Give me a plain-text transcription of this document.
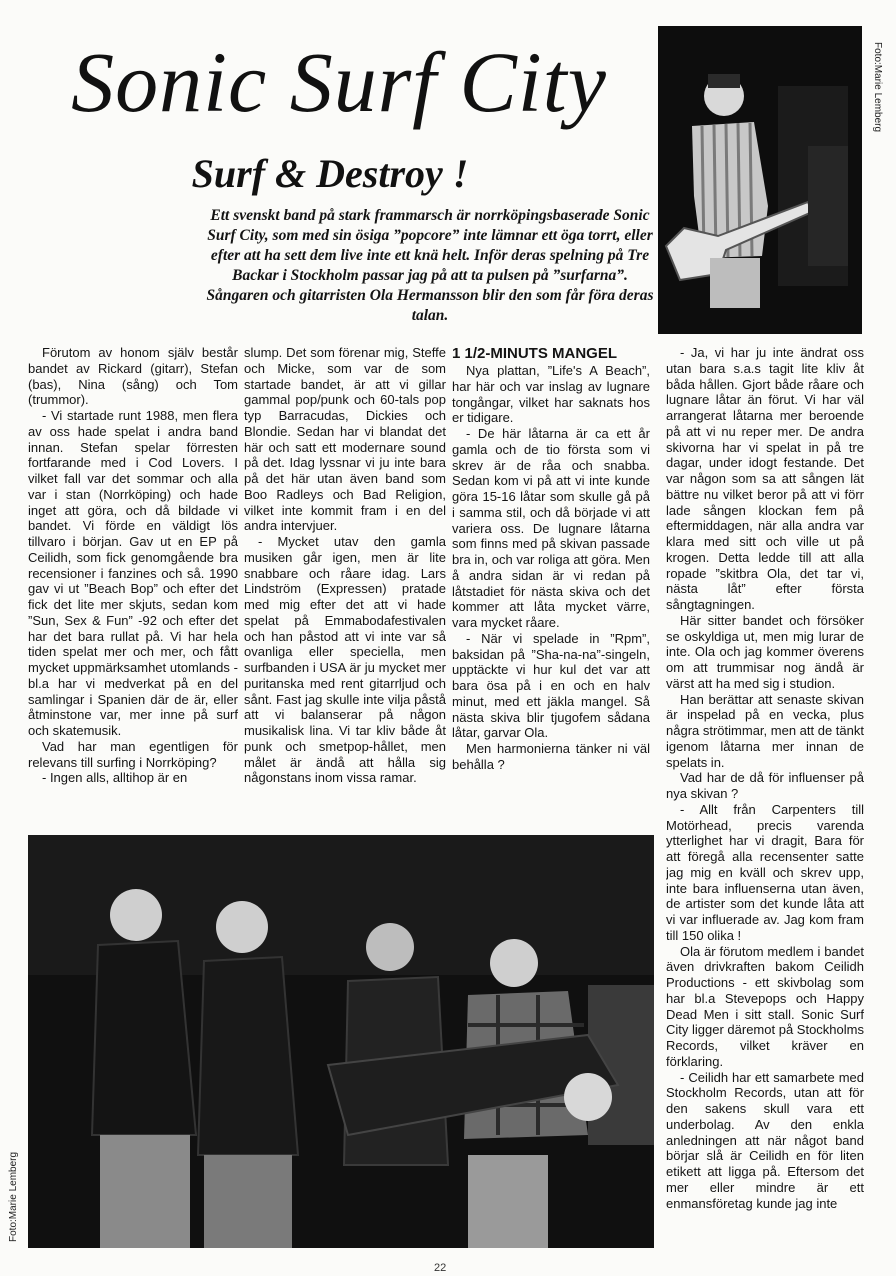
Sonic Surf City
Surf & Destroy !
Ett svenskt band på stark frammarsch är norrköpingsbaserade Sonic Surf City, som med sin ösiga ”popcore” inte lämnar ett öga torrt, eller efter att ha sett dem live inte ett knä helt. Inför deras spelning på Tre Backar i Stockholm passar jag på att ta pulsen på ”surfarna”. Sångaren och gitarristen Ola Hermansson blir den som får föra deras talan.
Foto:Marie Lemberg

Förutom av honom själv består bandet av Rickard (gitarr), Stefan (bas), Nina (sång) och Tom (trummor).

- Vi startade runt 1988, men flera av oss hade spelat i andra band innan. Stefan spelar förresten fortfarande med i Cod Lovers. I vilket fall var det sommar och alla var i stan (Norrköping) och hade inget att göra, och då bildade vi bandet. Vi förde en väldigt lös tillvaro i början. Gav ut en EP på Ceilidh, som fick genomgående bra recensioner i fanzines och så. 1990 gav vi ut ”Beach Bop” och efter det fick det lite mer skjuts, sedan kom ”Sun, Sex & Fun” -92 och efter det har det bara rullat på. Vi har hela tiden spelat mer och mer, och fått mycket uppmärksamhet utomlands - bl.a har vi medverkat på en del samlingar i Spanien där de är, eller åtminstone var, mer inne på surf och skatemusik.

Vad har man egentligen för relevans till surfing i Norrköping?

- Ingen alls, alltihop är en

slump. Det som förenar mig, Steffe och Micke, som var de som startade bandet, är att vi gillar gammal pop/punk och 60-tals pop typ Barracudas, Dickies och Blondie. Sedan har vi blandat det här och satt ett modernare sound på det. Idag lyssnar vi ju inte bara på det här utan även band som Boo Radleys och Bad Religion, vilket inte kommit fram i en del andra intervjuer.

- Mycket utav den gamla musiken går igen, men är lite snabbare och råare idag. Lars Lindström (Expressen) pratade med mig efter det att vi hade spelat på Emmabodafestivalen och han påstod att vi inte var så ovanliga eller speciella, men surfbanden i USA är ju mycket mer puritanska med rent gitarrljud och sånt. Fast jag skulle inte vilja påstå att vi balanserar på någon musikalisk lina. Vi tar kliv både åt punk och smetpop-hållet, men målet är ändå att hålla sig någonstans inom vissa ramar.

1 1/2-MINUTS MANGEL

Nya plattan, ”Life's A Beach”, har här och var inslag av lugnare tongångar, vilket har saknats hos er tidigare.

- De här låtarna är ca ett år gamla och de tio första som vi skrev är de råa och snabba. Sedan kom vi på att vi inte kunde göra 15-16 låtar som skulle gå på i samma stil, och då började vi att variera oss. De lugnare låtarna som finns med på skivan passade bra in, och var roliga att göra. Men å andra sidan är vi redan på låtstadiet för nästa skiva och det kommer att låta mycket värre, vara mycket råare.

- När vi spelade in ”Rpm”, baksidan på ”Sha-na-na”-singeln, upptäckte vi hur kul det var att bara ösa på i en och en halv minut, med ett jäkla mangel. Så nästa skiva blir tjugofem sådana låtar, garvar Ola.

Men harmonierna tänker ni väl behålla ?

- Ja, vi har ju inte ändrat oss utan bara s.a.s tagit lite kliv åt båda hållen. Gjort både råare och lugnare låtar än förut. Vi har väl arrangerat låtarna mer beroende på att vi nu reper mer. De andra skivorna har vi spelat in på tre dagar, under idogt festande. Det var någon som sa att sången lät bättre nu vilket beror på att vi förr lade sången klockan fem på eftermiddagen, när alla andra var klara med sitt och ville ut på krogen. Detta ledde till att alla ropade ”skitbra Ola, det tar vi, nästa låt” efter första sångtagningen.

Här sitter bandet och försöker se oskyldiga ut, men mig lurar de inte. Ola och jag kommer överens om att trummisar nog ändå är värst att ha med sig i studion.

Han berättar att senaste skivan är inspelad på en vecka, plus några strötimmar, men att de tänkt igenom låtarna mer innan de spelats in.

Vad har de då för influenser på nya skivan ?

- Allt från Carpenters till Motörhead, precis varenda ytterlighet har vi dragit, Bara för att föregå alla recensenter satte jag mig en kväll och skrev upp, inte bara influenserna utan även, de artister som det kunde låta att vi var influerade av. Jag kom fram till 150 olika !

Ola är förutom medlem i bandet även drivkraften bakom Ceilidh Productions - ett skivbolag som har bl.a Stevepops och Happy Dead Men i sitt stall. Sonic Surf City ligger däremot på Stockholms Records, vilket kräver en förklaring.

- Ceilidh har ett samarbete med Stockholm Records, utan att för den sakens skull vara ett underbolag. Av den enkla anledningen att när något band börjar slå är Ceilidh en för liten etikett att ligga på. Eftersom det mer eller mindre är ett enmansföretag kunde jag inte

Foto:Marie Lemberg
22
